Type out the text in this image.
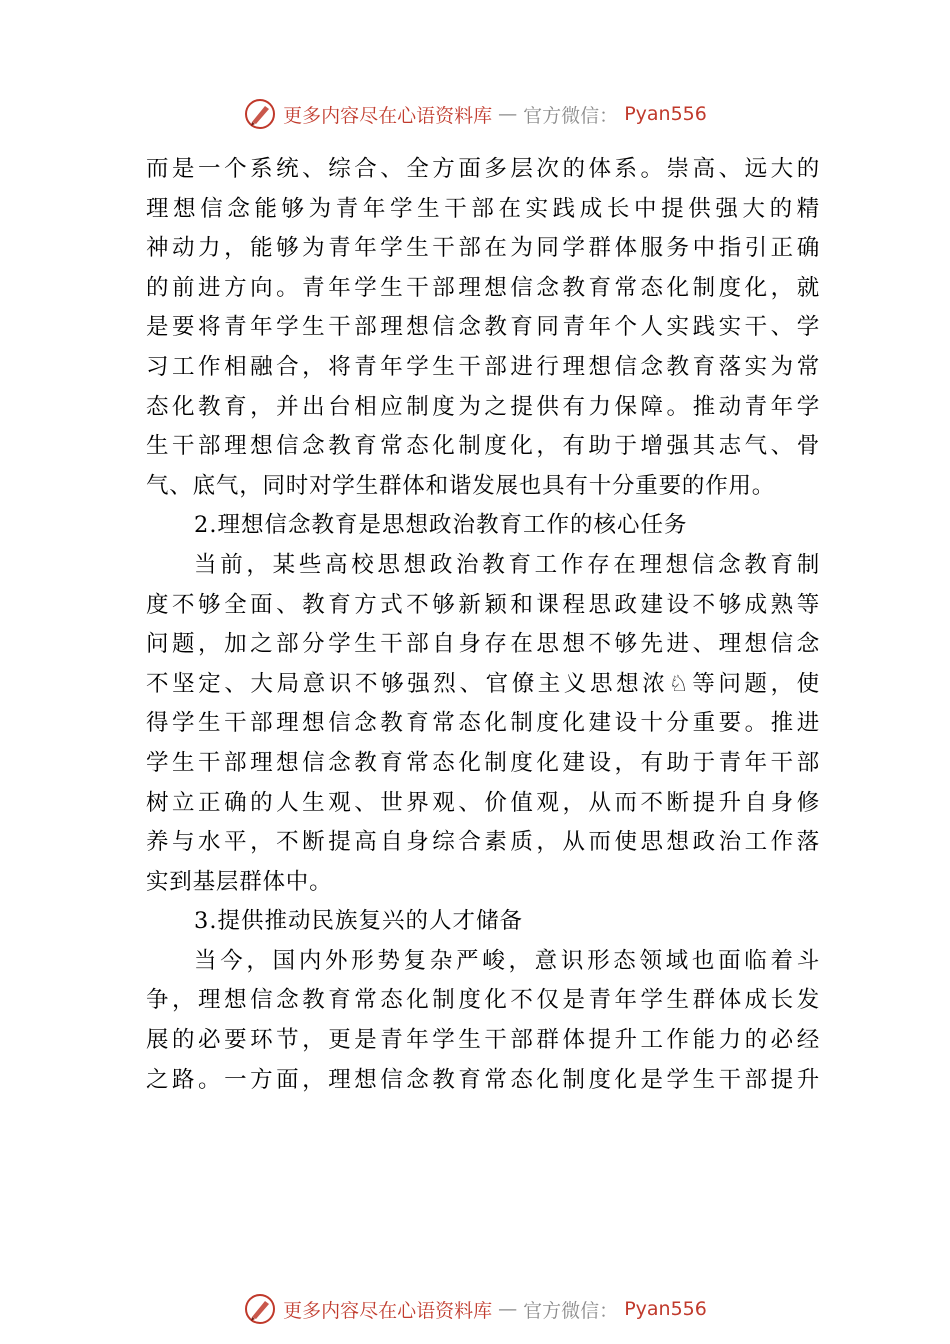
更多内容尽在心语资料库 — 官方微信： Pyan556
而是一个系统、综合、全方面多层次的体系。崇高、远大的
理想信念能够为青年学生干部在实践成长中提供强大的精
神动力，能够为青年学生干部在为同学群体服务中指引正确
的前进方向。青年学生干部理想信念教育常态化制度化，就
是要将青年学生干部理想信念教育同青年个人实践实干、学
习工作相融合，将青年学生干部进行理想信念教育落实为常
态化教育，并出台相应制度为之提供有力保障。推动青年学
生干部理想信念教育常态化制度化，有助于增强其志气、骨
气、底气，同时对学生群体和谐发展也具有十分重要的作用。
2.理想信念教育是思想政治教育工作的核心任务
当前，某些高校思想政治教育工作存在理想信念教育制
度不够全面、教育方式不够新颖和课程思政建设不够成熟等
问题，加之部分学生干部自身存在思想不够先进、理想信念
不坚定、大局意识不够强烈、官僚主义思想浓♘等问题，使
得学生干部理想信念教育常态化制度化建设十分重要。推进
学生干部理想信念教育常态化制度化建设，有助于青年干部
树立正确的人生观、世界观、价值观，从而不断提升自身修
养与水平，不断提高自身综合素质，从而使思想政治工作落
实到基层群体中。
3.提供推动民族复兴的人才储备
当今，国内外形势复杂严峻，意识形态领域也面临着斗
争，理想信念教育常态化制度化不仅是青年学生群体成长发
展的必要环节，更是青年学生干部群体提升工作能力的必经
之路。一方面，理想信念教育常态化制度化是学生干部提升
更多内容尽在心语资料库 — 官方微信： Pyan556
